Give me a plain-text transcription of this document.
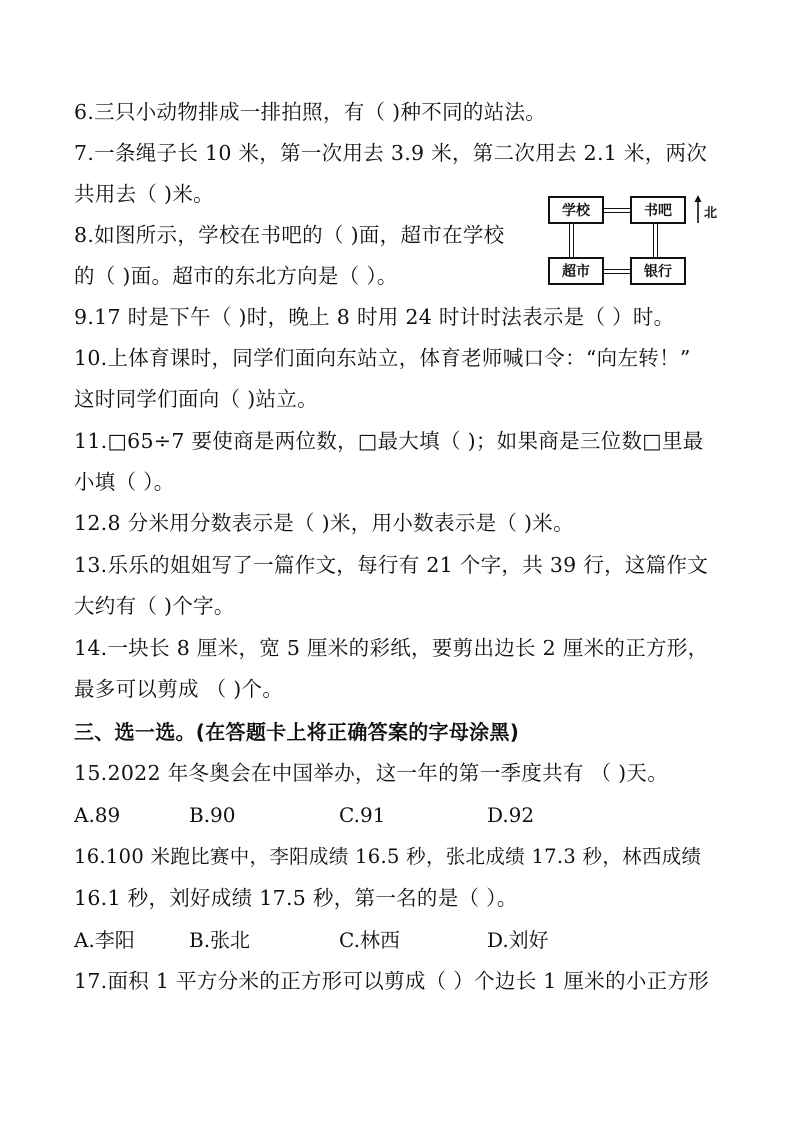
6.三只小动物排成一排拍照，有（ )种不同的站法。
7.一条绳子长 10 米，第一次用去 3.9 米，第二次用去 2.1 米，两次
共用去（ )米。
8.如图所示，学校在书吧的（ )面，超市在学校
的（ )面。超市的东北方向是（ ）。
9.17 时是下午（ )时，晚上 8 时用 24 时计时法表示是（ ）时。
10.上体育课时，同学们面向东站立，体育老师喊口令：“向左转！”
这时同学们面向（ )站立。
11.□65÷7 要使商是两位数，□最大填（ )；如果商是三位数□里最
小填（ ）。
12.8 分米用分数表示是（ )米，用小数表示是（ )米。
13.乐乐的姐姐写了一篇作文，每行有 21 个字，共 39 行，这篇作文
大约有（ )个字。
14.一块长 8 厘米，宽 5 厘米的彩纸，要剪出边长 2 厘米的正方形，
最多可以剪成 （ )个。
三、选一选。(在答题卡上将正确答案的字母涂黑)
15.2022 年冬奥会在中国举办，这一年的第一季度共有 （ )天。
A.89	B.90	C.91	D.92
16.100 米跑比赛中，李阳成绩 16.5 秒，张北成绩 17.3 秒，林西成绩
16.1 秒，刘好成绩 17.5 秒，第一名的是（ ）。
A.李阳	B.张北	C.林西	D.刘好
17.面积 1 平方分米的正方形可以剪成（ ）个边长 1 厘米的小正方形
学校	书吧
超市	银行
北
